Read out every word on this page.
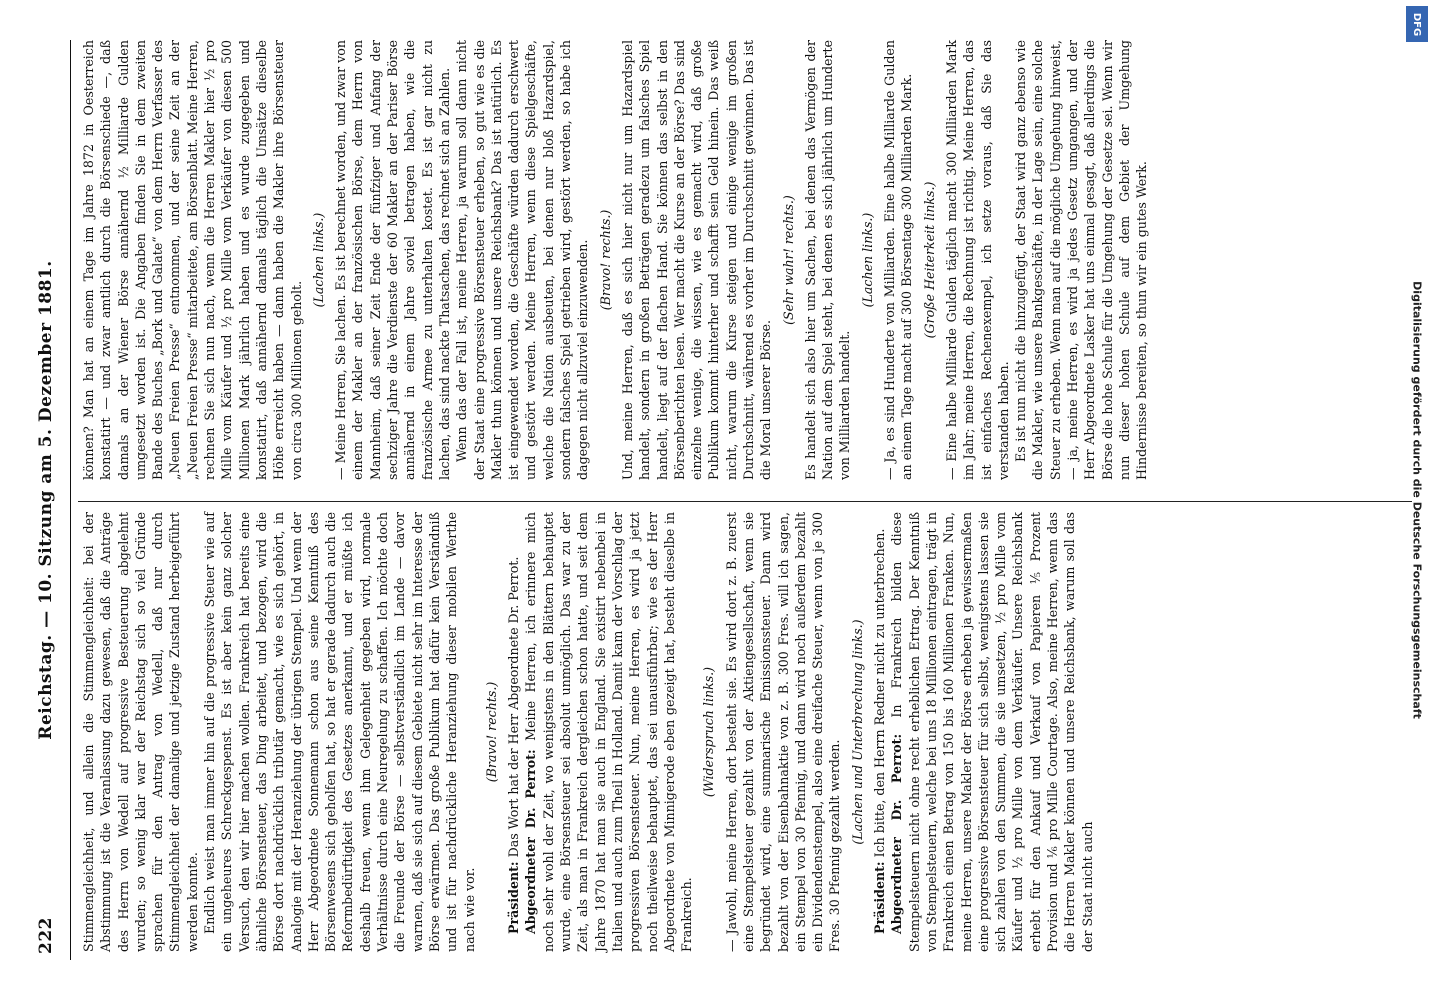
222
Reichstag. — 10. Sitzung am 5. Dezember 1881. Stimmengleichheit, und allein die Stimmengleichheit: bei der Abstimmung ist die Veranlassung dazu gewesen, daß die Anträge des Herrn von Wedell auf progressive Besteuerung abgelehnt wurden; so wenig klar war der Reichstag sich so viel Gründe sprachen für den Antrag von Wedell, daß nur durch Stimmengleichheit der damalige und jetzige Zustand herbeigeführt werden konnte. Endlich weist man immer hin auf die progressive Steuer wie auf ein ungeheures Schreckgespenst. Es ist aber kein ganz solcher Versuch, den wir hier machen wollen. Frankreich hat bereits eine ähnliche Börsensteuer, das Ding arbeitet, und bezogen, wird die Börse dort nachdrücklich tributär gemacht, wie es sich gehört, in Analogie mit der Heranziehung der übrigen Stempel. Und wenn der Herr Abgeordnete Sonnemann schon aus seine Kenntniß des Börsenwesens sich geholfen hat, so hat er gerade dadurch auch die Reformbedürftigkeit des Gesetzes anerkannt, und er müßte ich deshalb freuen, wenn ihm Gelegenheit gegeben wird, normale Verhältnisse durch eine Neuregelung zu schaffen. Ich möchte doch die Freunde der Börse — selbstverständlich im Lande — davor warnen, daß sie sich auf diesem Gebiete nicht sehr im Interesse der Börse erwärmen. Das große Publikum hat dafür kein Verständniß und ist für nachdrückliche Heranziehung dieser mobilen Werthe nach wie vor.

(Bravo! rechts.)

Präsident: Das Wort hat der Herr Abgeordnete Dr. Perrot. Abgeordneter Dr. Perrot: Meine Herren, ich erinnere mich noch sehr wohl der Zeit, wo wenigstens in den Blättern behauptet wurde, eine Börsensteuer sei absolut unmöglich. Das war zu der Zeit, als man in Frankreich dergleichen schon hatte, und seit dem Jahre 1870 hat man sie auch in England. Sie existirt nebenbei in Italien und auch zum Theil in Holland. Damit kam der Vorschlag der progressiven Börsensteuer. Nun, meine Herren, es wird ja jetzt noch theilweise behauptet, das sei unausführbar; wie es der Herr Abgeordnete von Minnigerode eben gezeigt hat, besteht dieselbe in Frankreich.

(Widerspruch links.) — Jawohl, meine Herren, dort besteht sie. Es wird dort z. B. zuerst eine Stempelsteuer gezahlt von der Aktiengesellschaft, wenn sie begründet wird, eine summarische Emissionssteuer. Dann wird bezahlt von der Eisenbahnaktie von z. B. 300 Fres. will ich sagen, ein Stempel von 30 Pfennig, und dann wird noch außerdem bezahlt ein Dividendenstempel, also eine dreifache Steuer, wenn von je 300 Fres. 30 Pfennig gezahlt werden.

(Lachen und Unterbrechung links.)

Präsident: Ich bitte, den Herrn Redner nicht zu unterbrechen. Abgeordneter Dr. Perrot: In Frankreich bilden diese Stempelsteuern nicht ohne recht erheblichen Ertrag. Der Kenntniß von Stempelsteuern, welche bei uns 18 Millionen eintragen, trägt in Frankreich einen Betrag von 150 bis 160 Millionen Franken. Nun, meine Herren, unsere Makler der Börse erheben ja gewissermaßen eine progressive Börsensteuer für sich selbst, wenigstens lassen sie sich zahlen von den Summen, die sie umsetzen, ½ pro Mille vom Käufer und ½ pro Mille von dem Verkäufer. Unsere Reichsbank erhebt für den Ankauf und Verkauf von Papieren ⅕ Prozent Provision und ⅙ pro Mille Courtage. Also, meine Herren, wenn das die Herren Makler können und unsere Reichsbank, warum soll das der Staat nicht auch

können? Man hat an einem Tage im Jahre 1872 in Oesterreich konstatirt — und zwar amtlich durch die Börsenschiede —, daß damals an der Wiener Börse annähernd ½ Milliarde Gulden umgesetzt worden ist. Die Angaben finden Sie in dem zweiten Bande des Buches „Bork und Galate“ von dem Herrn Verfasser des „Neuen Freien Presse“ entnommen, und der seine Zeit an der „Neuen Freien Presse“ mitarbeitete, am Börsenblatt. Meine Herren, rechnen Sie sich nun nach, wenn die Herren Makler hier ½ pro Mille vom Käufer und ½ pro Mille vom Verkäufer von diesen 500 Millionen Mark jährlich haben und es wurde zugegeben und konstatirt, daß annähernd damals täglich die Umsätze dieselbe Höhe erreicht haben — dann haben die Makler ihre Börsensteuer von circa 300 Millionen geholt.

(Lachen links.) — Meine Herren, Sie lachen. Es ist berechnet worden, und zwar von einem der Makler an der französischen Börse, dem Herrn von Mannheim, daß seiner Zeit Ende der fünfziger und Anfang der sechziger Jahre die Verdienste der 60 Makler an der Pariser Börse annähernd in einem Jahre soviel betragen haben, wie die französische Armee zu unterhalten kostet. Es ist gar nicht zu lachen, das sind nackte Thatsachen, das rechnet sich an Zahlen. Wenn das der Fall ist, meine Herren, ja warum soll dann nicht der Staat eine progressive Börsensteuer erheben, so gut wie es die Makler thun können und unsere Reichsbank? Das ist natürlich. Es ist eingewendet worden, die Geschäfte würden dadurch erschwert und gestört werden. Meine Herren, wenn diese Spielgeschäfte, welche die Nation ausbeuten, bei denen nur bloß Hazardspiel, sondern falsches Spiel getrieben wird, gestört werden, so habe ich dagegen nicht allzuviel einzuwenden. (Bravo! rechts.) Und, meine Herren, daß es sich hier nicht nur um Hazardspiel handelt, sondern in großen Beträgen geradezu um falsches Spiel handelt, liegt auf der flachen Hand. Sie können das selbst in den Börsenberichten lesen. Wer macht die Kurse an der Börse? Das sind einzelne wenige, die wissen, wie es gemacht wird, daß große Publikum kommt hinterher und schafft sein Geld hinein. Das weiß nicht, warum die Kurse steigen und einige wenige im großen Durchschnitt, während es vorher im Durchschnitt gewinnen. Das ist die Moral unserer Börse.

(Sehr wahr! rechts.) Es handelt sich also hier um Sachen, bei denen das Vermögen der Nation auf dem Spiel steht, bei denen es sich jährlich um Hunderte von Milliarden handelt.

(Lachen links.) — Ja, es sind Hunderte von Milliarden. Eine halbe Milliarde Gulden an einem Tage macht auf 300 Börsentage 300 Milliarden Mark. (Große Heiterkeit links.) — Eine halbe Milliarde Gulden täglich macht 300 Milliarden Mark im Jahr; meine Herren, die Rechnung ist richtig. Meine Herren, das ist einfaches Rechenexempel, ich setze voraus, daß Sie das verstanden haben. Es ist nun nicht die hinzugefügt, der Staat wird ganz ebenso wie die Makler, wie unsere Bankgeschäfte, in der Lage sein, eine solche Steuer zu erheben. Wenn man auf die mögliche Umgehung hinweist, — ja, meine Herren, es wird ja jedes Gesetz umgangen, und der Herr Abgeordnete Lasker hat uns einmal gesagt, daß allerdings die Börse die hohe Schule für die Umgehung der Gesetze sei. Wenn wir nun dieser hohen Schule auf dem Gebiet der Umgehung Hindernisse bereiten, so thun wir ein gutes Werk.

DFG
Digitalisierung gefördert durch die Deutsche Forschungsgemeinschaft
